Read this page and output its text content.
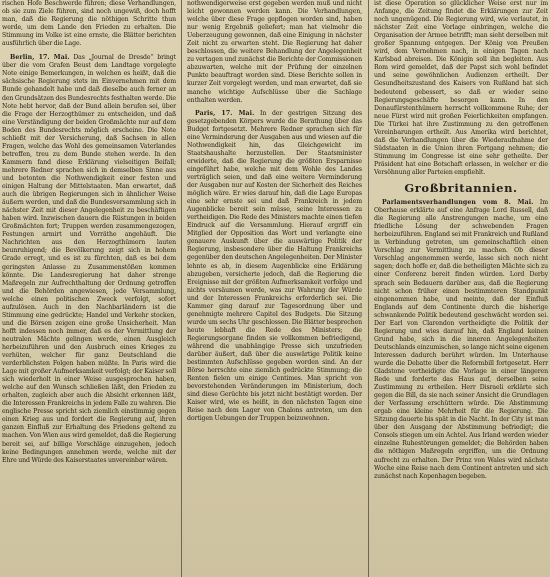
rischen Hofe Beschwerde führen; diese Verhandlungen, ob sie zum Ziele führen, sind noch ungewiß, doch hofft man, daß die Regierung die nöthigen Schritte thun werde, um dem Lande den Frieden zu erhalten. Die Stimmung im Volke ist eine ernste, die Blätter berichten ausführlich über die Lage.

Berlin, 17. Mai. Das „Journal de Dresde“ bringt über die vom Grafen Beust dem Landtage vorgelegte Note einige Bemerkungen, in welchen es heißt, daß die sächsische Regierung stets im Einvernehmen mit dem Bunde gehandelt habe und daß dieselbe auch ferner an den Grundsätzen des Bundesrechts festhalten werde. Die Note hebt hervor, daß der Bund allein berufen sei, über die Frage der Herzogthümer zu entscheiden, und daß eine Verständigung der beiden Großmächte nur auf dem Boden des Bundesrechts möglich erscheine. Die Note schließt mit der Versicherung, daß Sachsen in allen Fragen, welche das Wohl des gemeinsamen Vaterlandes betreffen, treu zu dem Bunde stehen werde. In den Kammern fand diese Erklärung vielseitigen Beifall; mehrere Redner sprachen sich in demselben Sinne aus und betonten die Nothwendigkeit einer festen und einigen Haltung der Mittelstaaten. Man erwartet, daß auch die übrigen Regierungen sich in ähnlicher Weise äußern werden, und daß die Bundesversammlung sich in nächster Zeit mit dieser Angelegenheit zu beschäftigen haben wird. Inzwischen dauern die Rüstungen in beiden Großmächten fort; Truppen werden zusammengezogen, Festungen armirt und Vorräthe angehäuft. Die Nachrichten aus den Herzogthümern lauten beunruhigend; die Bevölkerung zeigt sich in hohem Grade erregt, und es ist zu fürchten, daß es bei dem geringsten Anlasse zu Zusammenstößen kommen könnte. Die Landesregierung hat daher strenge Maßregeln zur Aufrechthaltung der Ordnung getroffen und die Behörden angewiesen, jede Versammlung, welche einen politischen Zweck verfolgt, sofort aufzulösen. Auch in den Nachbarländern ist die Stimmung eine gedrückte; Handel und Verkehr stocken, und die Börsen zeigen eine große Unsicherheit. Man hofft indessen noch immer, daß es der Vermittlung der neutralen Mächte gelingen werde, einen Ausgleich herbeizuführen und den Ausbruch eines Krieges zu verhüten, welcher für ganz Deutschland die verderblichsten Folgen haben müßte. In Paris wird die Lage mit großer Aufmerksamkeit verfolgt; der Kaiser soll sich wiederholt in einer Weise ausgesprochen haben, welche auf den Wunsch schließen läßt, den Frieden zu erhalten, zugleich aber auch die Absicht erkennen läßt, die Interessen Frankreichs in jedem Falle zu wahren. Die englische Presse spricht sich ziemlich einstimmig gegen einen Krieg aus und fordert die Regierung auf, ihren ganzen Einfluß zur Erhaltung des Friedens geltend zu machen. Von Wien aus wird gemeldet, daß die Regierung bereit sei, auf billige Vorschläge einzugehen, jedoch keine Bedingungen annehmen werde, welche mit der Ehre und Würde des Kaiserstaates unvereinbar wären.

nothwendigerweise erst gegeben werden muß und nicht leicht gewonnen werden kann. Die Verhandlungen, welche über diese Frage gepflogen worden sind, haben nur wenig Ergebniß geliefert; man hat vielmehr die Ueberzeugung gewonnen, daß eine Einigung in nächster Zeit nicht zu erwarten steht. Die Regierung hat daher beschlossen, die weitere Behandlung der Angelegenheit zu vertagen und zunächst die Berichte der Commissionen abzuwarten, welche mit der Prüfung der einzelnen Punkte beauftragt worden sind. Diese Berichte sollen in kurzer Zeit vorgelegt werden, und man erwartet, daß sie manche wichtige Aufschlüsse über die Sachlage enthalten werden.

Paris, 17. Mai. In der gestrigen Sitzung des gesetzgebenden Körpers wurde die Berathung über das Budget fortgesetzt. Mehrere Redner sprachen sich für eine Verminderung der Ausgaben aus und wiesen auf die Nothwendigkeit hin, das Gleichgewicht im Staatshaushalte herzustellen. Der Staatsminister erwiderte, daß die Regierung die größten Ersparnisse eingeführt habe, welche mit dem Wohle des Landes verträglich seien, und daß eine weitere Verminderung der Ausgaben nur auf Kosten der Sicherheit des Reiches möglich wäre. Er wies darauf hin, daß die Lage Europas eine sehr ernste sei und daß Frankreich in jedem Augenblicke bereit sein müsse, seine Interessen zu vertheidigen. Die Rede des Ministers machte einen tiefen Eindruck auf die Versammlung. Hierauf ergriff ein Mitglied der Opposition das Wort und verlangte eine genauere Auskunft über die auswärtige Politik der Regierung, insbesondere über die Haltung Frankreichs gegenüber den deutschen Angelegenheiten. Der Minister lehnte es ab, in diesem Augenblicke eine Erklärung abzugeben, versicherte jedoch, daß die Regierung die Ereignisse mit der größten Aufmerksamkeit verfolge und nichts versäumen werde, was zur Wahrung der Würde und der Interessen Frankreichs erforderlich sei. Die Kammer ging darauf zur Tagesordnung über und genehmigte mehrere Capitel des Budgets. Die Sitzung wurde um sechs Uhr geschlossen. Die Blätter besprechen heute lebhaft die Rede des Ministers; die Regierungsorgane finden sie vollkommen befriedigend, während die unabhängige Presse sich unzufrieden darüber äußert, daß über die auswärtige Politik keine bestimmten Aufschlüsse gegeben worden sind. An der Börse herrschte eine ziemlich gedrückte Stimmung; die Renten fielen um einige Centimes. Man spricht von bevorstehenden Veränderungen im Ministerium, doch sind diese Gerüchte bis jetzt nicht bestätigt worden. Der Kaiser wird, wie es heißt, in den nächsten Tagen eine Reise nach dem Lager von Chalons antreten, um den dortigen Uebungen der Truppen beizuwohnen.

ist diese Operation so glücklicher Weise erst nur im Anfange, die Zeitung findet die Erklärungen zur Zeit noch ungenügend. Die Regierung wird, wie verlautet, in nächster Zeit eine Vorlage einbringen, welche die Organisation der Armee betrifft; man sieht derselben mit großer Spannung entgegen. Der König von Preußen wird, dem Vernehmen nach, in einigen Tagen nach Karlsbad abreisen. Die Königin soll ihn begleiten. Aus Rom wird gemeldet, daß der Papst sich wohl befindet und seine gewöhnlichen Audienzen ertheilt. Der Gesundheitszustand des Kaisers von Rußland hat sich bedeutend gebessert, so daß er wieder seine Regierungsgeschäfte besorgen kann. In den Donaufürstenthümern herrscht vollkommene Ruhe; der neue Fürst wird mit großen Feierlichkeiten empfangen. Die Türkei hat ihre Zustimmung zu den getroffenen Vereinbarungen ertheilt. Aus Amerika wird berichtet, daß die Verhandlungen über die Wiederaufnahme der Südstaaten in die Union ihren Fortgang nehmen; die Stimmung im Congresse ist eine sehr getheilte. Der Präsident hat eine Botschaft erlassen, in welcher er die Versöhnung aller Parteien empfiehlt.

Großbritannien.

Parlamentsverhandlungen vom 8. Mai. Im Oberhause erklärte auf eine Anfrage Lord Russell, daß die Regierung alle Anstrengungen mache, um eine friedliche Lösung der schwebenden Fragen herbeizuführen. England sei mit Frankreich und Rußland in Verbindung getreten, um gemeinschaftlich einen Vorschlag zur Vermittlung zu machen. Ob dieser Vorschlag angenommen werde, lasse sich noch nicht sagen; doch hoffe er, daß die betheiligten Mächte sich zu einer Conferenz bereit finden würden. Lord Derby sprach sein Bedauern darüber aus, daß die Regierung nicht schon früher einen bestimmteren Standpunkt eingenommen habe, und meinte, daß der Einfluß Englands auf dem Continente durch die bisherige schwankende Politik bedeutend geschwächt worden sei. Der Earl von Clarendon vertheidigte die Politik der Regierung und wies darauf hin, daß England keinen Grund habe, sich in die inneren Angelegenheiten Deutschlands einzumischen, so lange nicht seine eigenen Interessen dadurch berührt würden. Im Unterhause wurde die Debatte über die Reformbill fortgesetzt. Herr Gladstone vertheidigte die Vorlage in einer längeren Rede und forderte das Haus auf, derselben seine Zustimmung zu ertheilen. Herr Disraeli erklärte sich gegen die Bill, da sie nach seiner Ansicht die Grundlagen der Verfassung erschüttern würde. Die Abstimmung ergab eine kleine Mehrheit für die Regierung. Die Sitzung dauerte bis spät in die Nacht. In der City ist man über den Ausgang der Abstimmung befriedigt; die Consols stiegen um ein Achtel. Aus Irland werden wieder einzelne Ruhestörungen gemeldet; die Behörden haben die nöthigen Maßregeln ergriffen, um die Ordnung aufrecht zu erhalten. Der Prinz von Wales wird nächste Woche eine Reise nach dem Continent antreten und sich zunächst nach Kopenhagen begeben.
